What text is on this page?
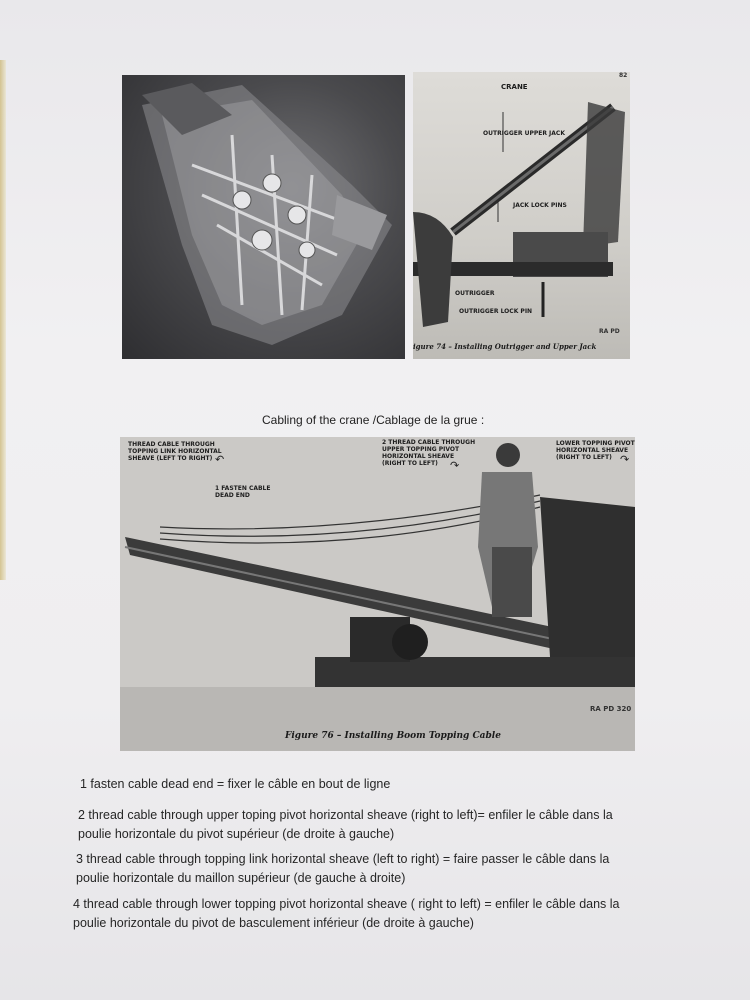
CRANE
82
OUTRIGGER UPPER JACK
JACK LOCK PINS
OUTRIGGER
OUTRIGGER LOCK PIN
RA PD
igure 74 – Installing Outrigger and Upper Jack
Cabling of the crane /Cablage de la grue :
THREAD CABLE THROUGH
TOPPING LINK HORIZONTAL
SHEAVE (LEFT TO RIGHT) ↶
1 FASTEN CABLE
DEAD END
2 THREAD CABLE THROUGH
UPPER TOPPING PIVOT
HORIZONTAL SHEAVE
(RIGHT TO LEFT)	↷
LOWER TOPPING PIVOT
HORIZONTAL SHEAVE
(RIGHT TO LEFT) ↷
RA PD 320
Figure 76 – Installing Boom Topping Cable
1 fasten cable dead end = fixer le câble en bout de ligne
2 thread cable through upper toping pivot horizontal sheave (right to left)= enfiler le câble dans la
poulie horizontale du pivot supérieur (de droite à gauche)
3 thread cable through topping link horizontal sheave (left to right) = faire passer le câble dans la
poulie horizontale du maillon supérieur (de gauche à droite)
4 thread cable through lower topping pivot horizontal sheave ( right to left) = enfiler le câble dans la
poulie horizontale du pivot de basculement inférieur (de droite à gauche)
